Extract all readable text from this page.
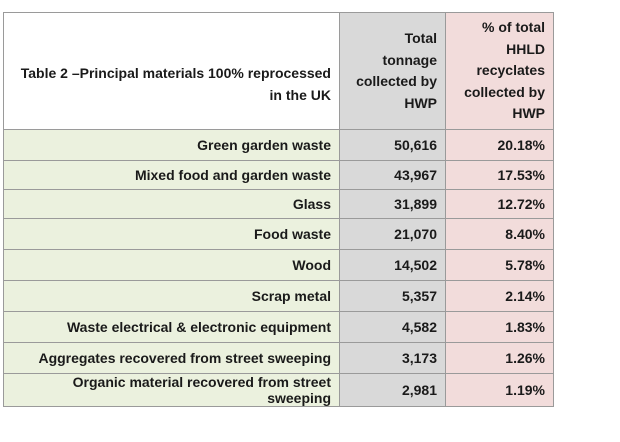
Table 2 –Principal materials 100% reprocessed in the UK	Total tonnage collected by HWP	% of total HHLD recyclates collected by HWP
Green garden waste	50,616	20.18%
Mixed food and garden waste	43,967	17.53%
Glass	31,899	12.72%
Food waste	21,070	8.40%
Wood	14,502	5.78%
Scrap metal	5,357	2.14%
Waste electrical & electronic equipment	4,582	1.83%
Aggregates recovered from street sweeping	3,173	1.26%
Organic material recovered from street sweeping	2,981	1.19%
